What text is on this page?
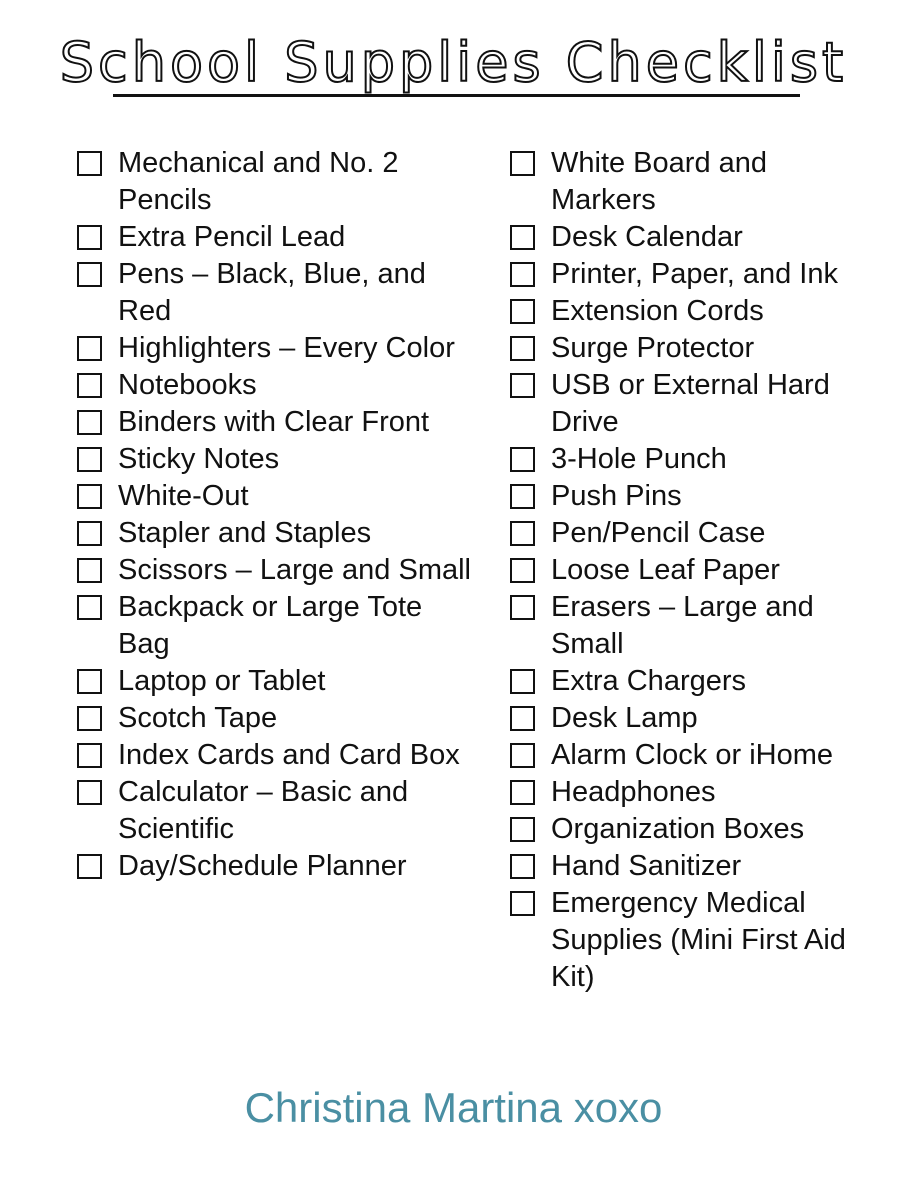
School Supplies Checklist
Mechanical and No. 2 Pencils
Extra Pencil Lead
Pens – Black, Blue, and Red
Highlighters – Every Color
Notebooks
Binders with Clear Front
Sticky Notes
White-Out
Stapler and Staples
Scissors – Large and Small
Backpack or Large Tote Bag
Laptop or Tablet
Scotch Tape
Index Cards and Card Box
Calculator – Basic and Scientific
Day/Schedule Planner
White Board and Markers
Desk Calendar
Printer, Paper, and Ink
Extension Cords
Surge Protector
USB or External Hard Drive
3-Hole Punch
Push Pins
Pen/Pencil Case
Loose Leaf Paper
Erasers – Large and Small
Extra Chargers
Desk Lamp
Alarm Clock or iHome
Headphones
Organization Boxes
Hand Sanitizer
Emergency Medical Supplies (Mini First Aid Kit)
Christina Martina xoxo
